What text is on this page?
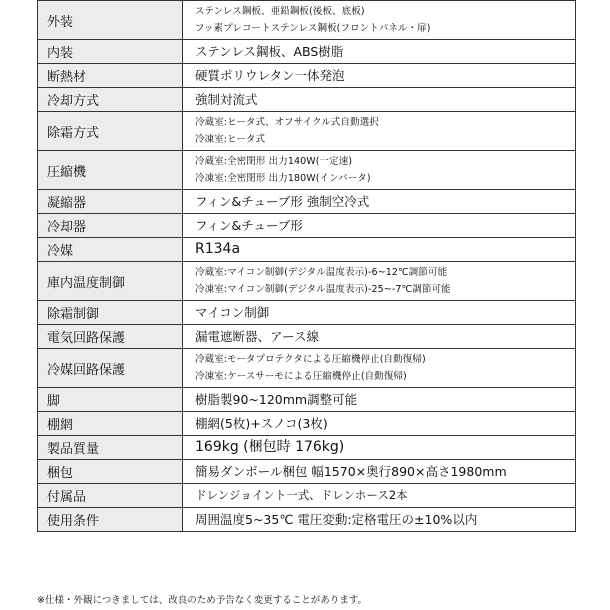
外装	ステンレス鋼板、亜鉛鋼板(後板、底板)
フッ素プレコートステンレス鋼板(フロントパネル・扉)

内装	ステンレス鋼板、ABS樹脂

断熱材	硬質ポリウレタン一体発泡

冷却方式	強制対流式

除霜方式	冷蔵室:ヒータ式、オフサイクル式自動選択
冷凍室:ヒータ式

圧縮機	冷蔵室:全密閉形 出力140W(一定速)
冷凍室:全密閉形 出力180W(インバータ)

凝縮器	フィン&チューブ形 強制空冷式

冷却器	フィン&チューブ形

冷媒	R134a

庫内温度制御	冷蔵室:マイコン制御(デジタル温度表示)-6~12℃調節可能
冷凍室:マイコン制御(デジタル温度表示)-25~-7℃調節可能

除霜制御	マイコン制御

電気回路保護	漏電遮断器、アース線

冷媒回路保護	冷蔵室:モータプロテクタによる圧縮機停止(自動復帰)
冷凍室:ケースサーモによる圧縮機停止(自動復帰)

脚	樹脂製90~120mm調整可能

棚網	棚網(5枚)+スノコ(3枚)

製品質量	169kg (梱包時 176kg)

梱包	簡易ダンボール梱包 幅1570×奥行890×高さ1980mm

付属品	ドレンジョイント一式、ドレンホース2本

使用条件	周囲温度5~35℃ 電圧変動:定格電圧の±10%以内
※仕様・外観につきましては、改良のため予告なく変更することがあります。
